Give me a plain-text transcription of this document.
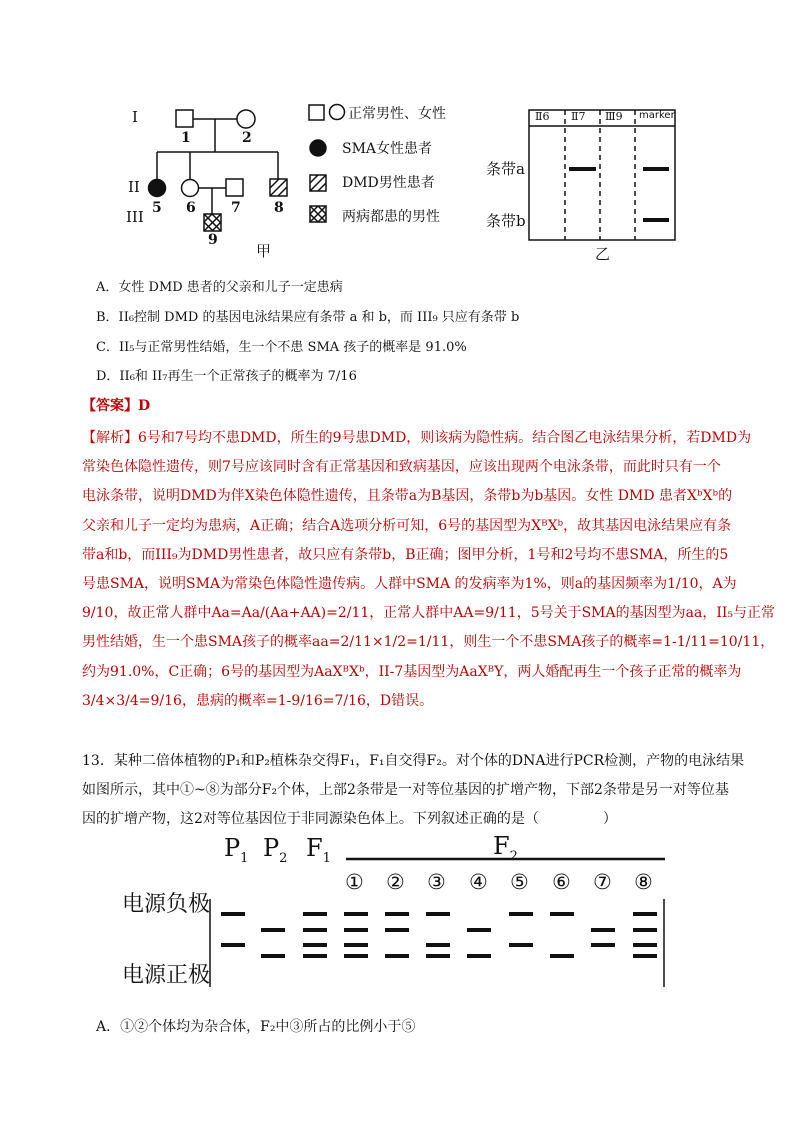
I
II
III
1	2
5 6	7 8
9
甲
正常男性、女性
SMA女性患者
DMD男性患者
两病都患的男性
Ⅱ6 Ⅱ7 Ⅲ9 marker
条带a
条带b
乙
A．女性 DMD 患者的父亲和儿子一定患病
B．II₆控制 DMD 的基因电泳结果应有条带 a 和 b，而 III₉ 只应有条带 b
C．II₅与正常男性结婚，生一个不患 SMA 孩子的概率是 91.0%
D．II₆和 II₇再生一个正常孩子的概率为 7/16
【答案】D

【解析】6号和7号均不患DMD，所生的9号患DMD，则该病为隐性病。结合图乙电泳结果分析，若DMD为

常染色体隐性遗传，则7号应该同时含有正常基因和致病基因，应该出现两个电泳条带，而此时只有一个

电泳条带，说明DMD为伴X染色体隐性遗传，且条带a为B基因，条带b为b基因。女性 DMD 患者XᵇXᵇ的

父亲和儿子一定均为患病，A正确；结合A选项分析可知，6号的基因型为XᴮXᵇ，故其基因电泳结果应有条

带a和b，而III₉为DMD男性患者，故只应有条带b，B正确；图甲分析，1号和2号均不患SMA，所生的5

号患SMA，说明SMA为常染色体隐性遗传病。人群中SMA 的发病率为1%，则a的基因频率为1/10，A为

9/10，故正常人群中Aa=Aa/(Aa+AA)=2/11，正常人群中AA=9/11，5号关于SMA的基因型为aa，II₅与正常

男性结婚，生一个患SMA孩子的概率aa=2/11×1/2=1/11，则生一个不患SMA孩子的概率=1-1/11=10/11，

约为91.0%，C正确；6号的基因型为AaXᴮXᵇ，II-7基因型为AaXᴮY，两人婚配再生一个孩子正常的概率为

3/4×3/4=9/16，患病的概率=1-9/16=7/16，D错误。

13．某种二倍体植物的P₁和P₂植株杂交得F₁，F₁自交得F₂。对个体的DNA进行PCR检测，产物的电泳结果

如图所示，其中①~⑧为部分F₂个体，上部2条带是一对等位基因的扩增产物，下部2条带是另一对等位基

因的扩增产物，这2对等位基因位于非同源染色体上。下列叙述正确的是（	）

$P_1$ $P_2$ $F_1$	$F_2$
① ② ③ ④ ⑤ ⑥ ⑦ ⑧
电源负极
电源正极
A．①②个体均为杂合体，F₂中③所占的比例小于⑤
